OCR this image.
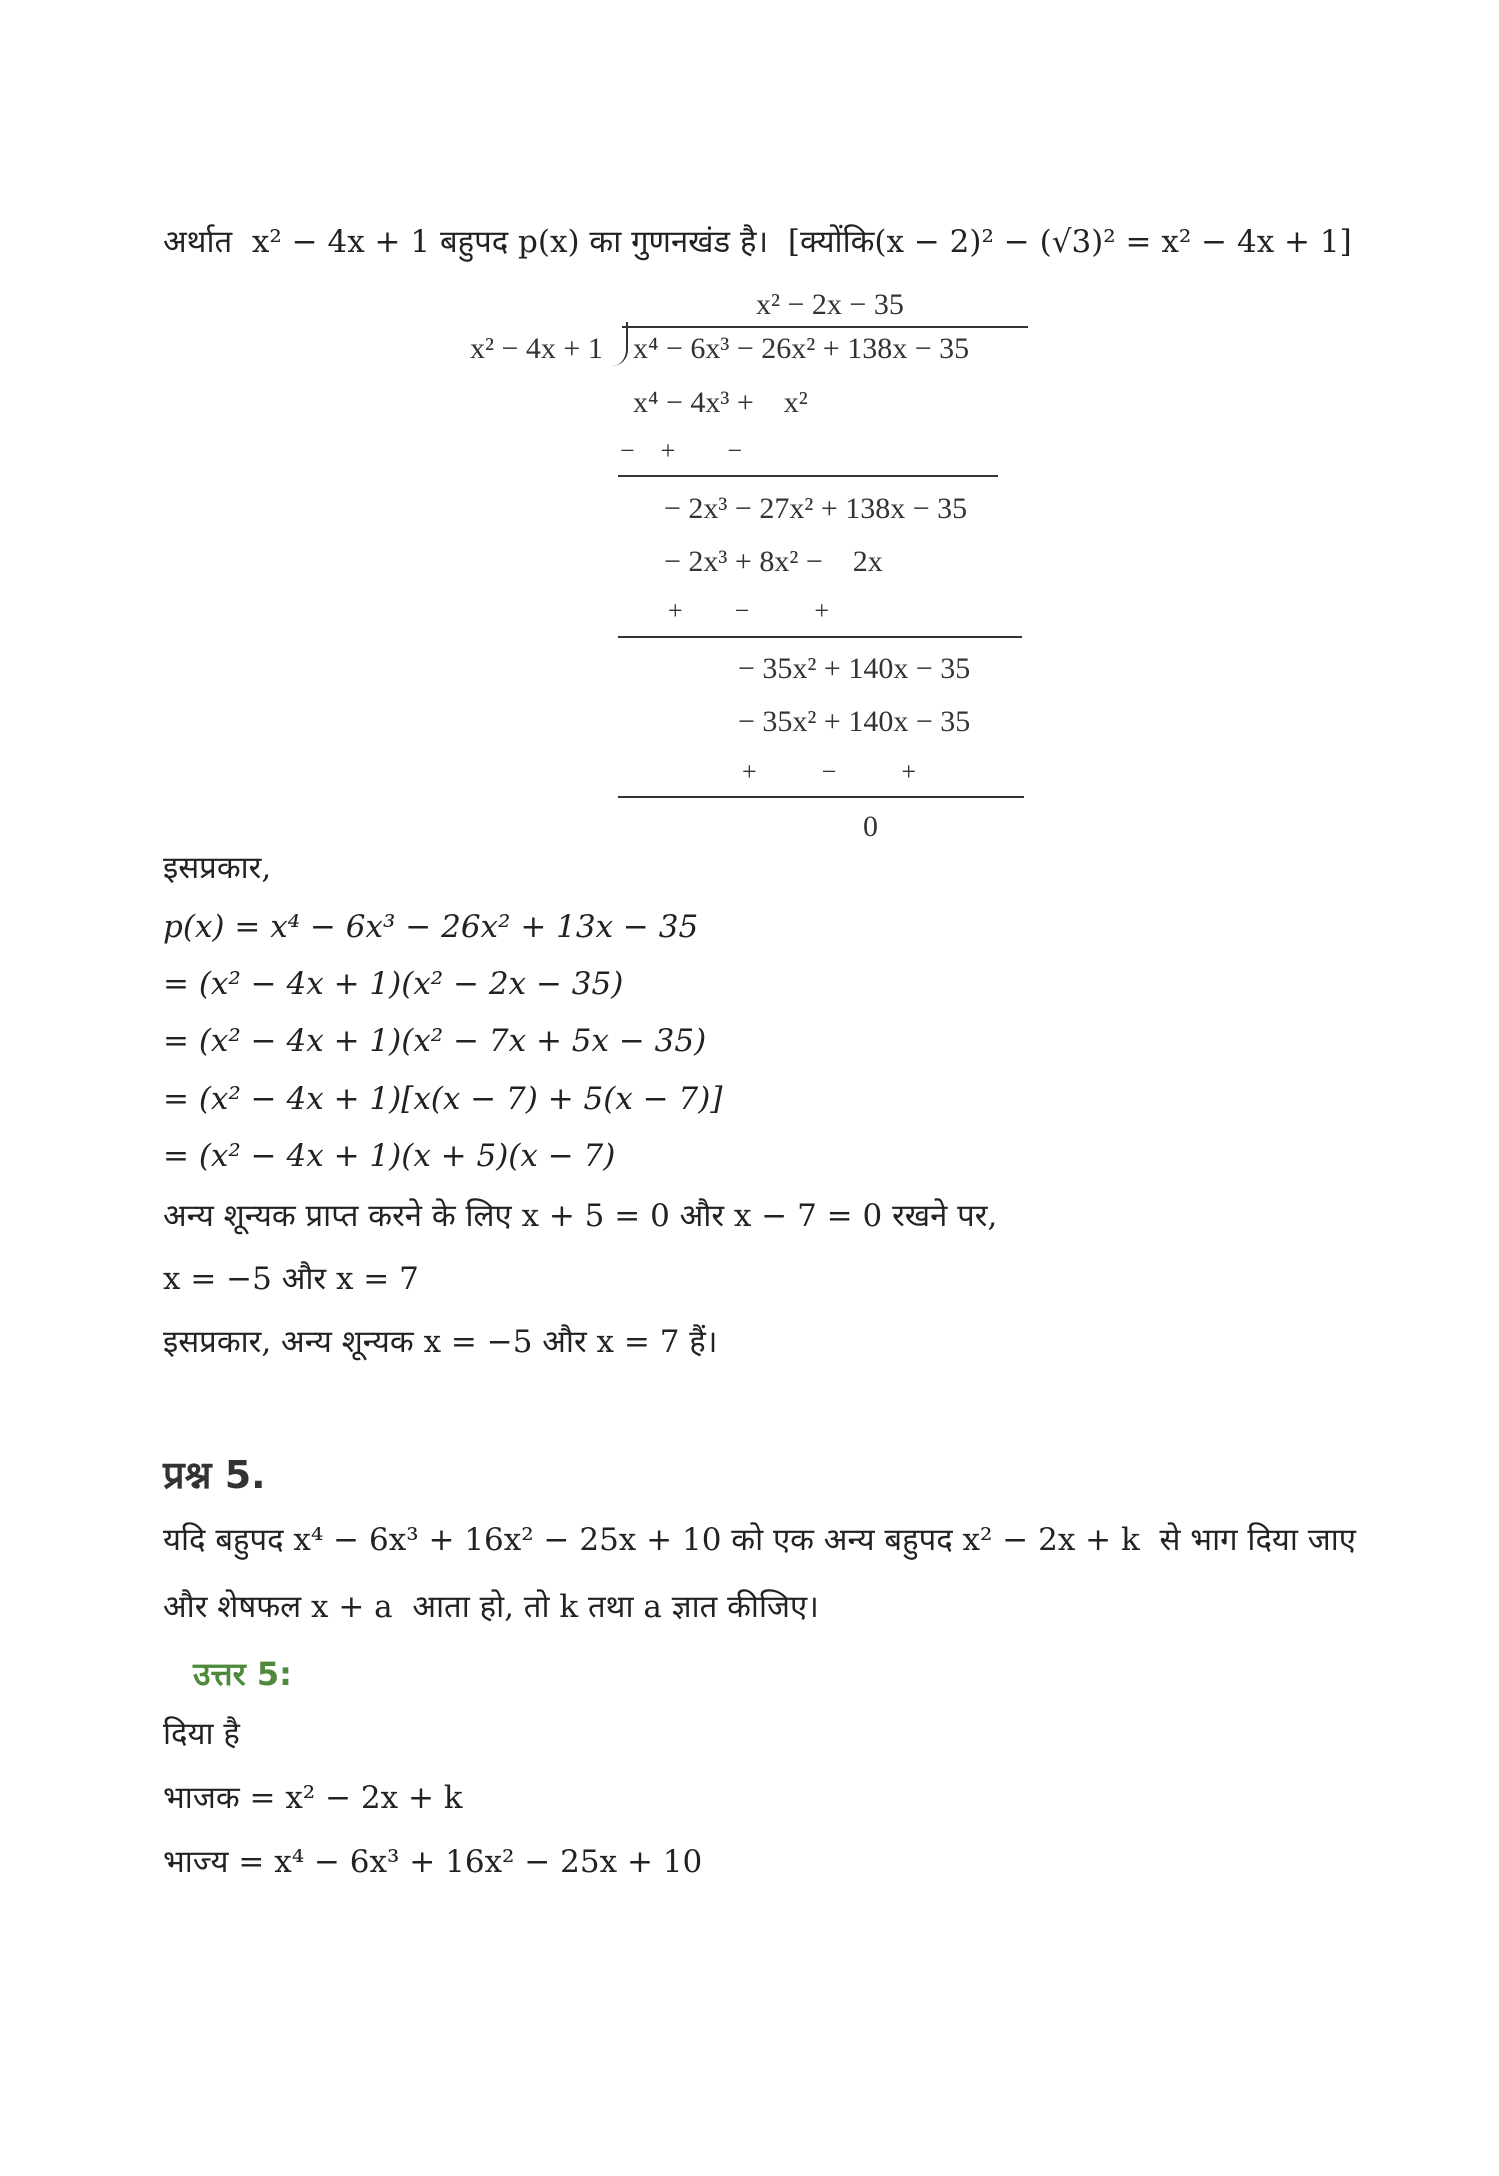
अर्थात  x² − 4x + 1 बहुपद p(x) का गुणनखंड है।  [क्योंकि(x − 2)² − (√3)² = x² − 4x + 1]
x² − 2x − 35
x² − 4x + 1 x⁴ − 6x³ − 26x² + 138x − 35
x⁴ − 4x³ +    x²
−    +        −
− 2x³ − 27x² + 138x − 35
− 2x³ + 8x² −    2x
+        −          +
− 35x² + 140x − 35
− 35x² + 140x − 35
+          −          +
0
इसप्रकार,
p(x) = x⁴ − 6x³ − 26x² + 13x − 35
= (x² − 4x + 1)(x² − 2x − 35)
= (x² − 4x + 1)(x² − 7x + 5x − 35)
= (x² − 4x + 1)[x(x − 7) + 5(x − 7)]
= (x² − 4x + 1)(x + 5)(x − 7)
अन्य शून्यक प्राप्त करने के लिए x + 5 = 0 और x − 7 = 0 रखने पर,
x = −5 और x = 7
इसप्रकार, अन्य शून्यक x = −5 और x = 7 हैं।
प्रश्न 5.
यदि बहुपद x⁴ − 6x³ + 16x² − 25x + 10 को एक अन्य बहुपद x² − 2x + k  से भाग दिया जाए
और शेषफल x + a  आता हो, तो k तथा a ज्ञात कीजिए।
उत्तर 5:
दिया है
भाजक = x² − 2x + k
भाज्य = x⁴ − 6x³ + 16x² − 25x + 10
